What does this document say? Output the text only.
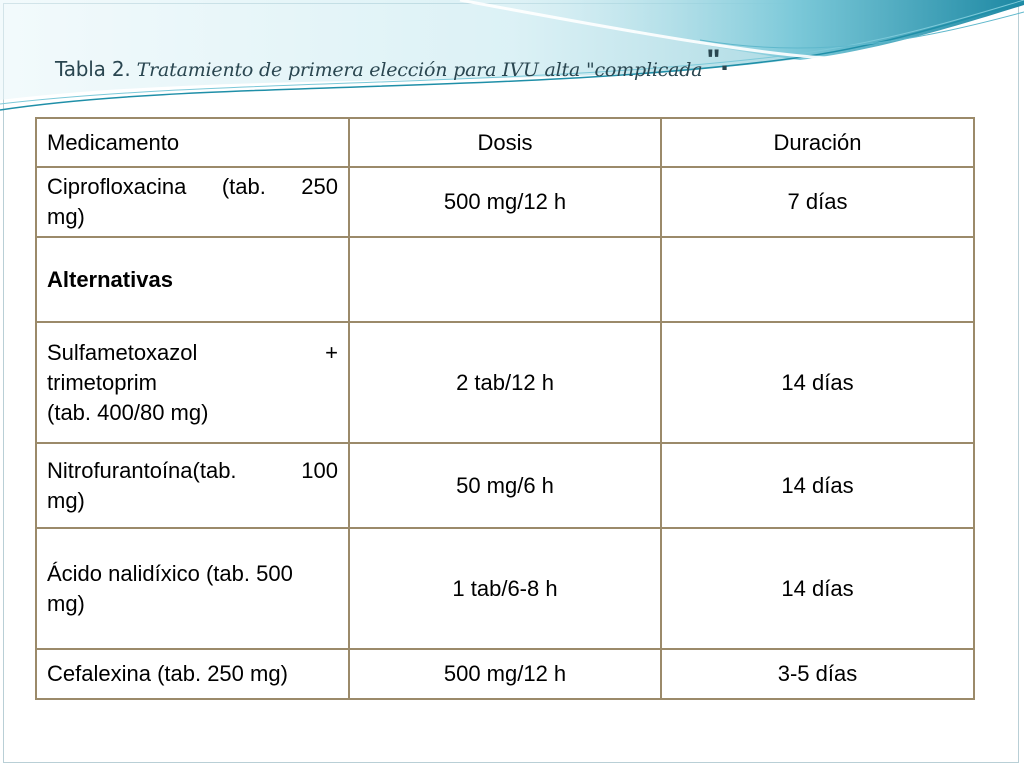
Tabla 2. Tratamiento de primera elección para IVU alta "complicada ".
Medicamento	Dosis	Duración

Ciprofloxacina (tab. 250
mg)	500 mg/12 h	7 días
Alternativas		

Sulfametoxazol +
trimetoprim
(tab. 400/80 mg)	2 tab/12 h	14 días

Nitrofurantoína(tab. 100
mg)	50 mg/6 h	14 días

Ácido nalidíxico (tab. 500
mg)	1 tab/6-8 h	14 días
Cefalexina (tab. 250 mg)	500 mg/12 h	3-5 días
